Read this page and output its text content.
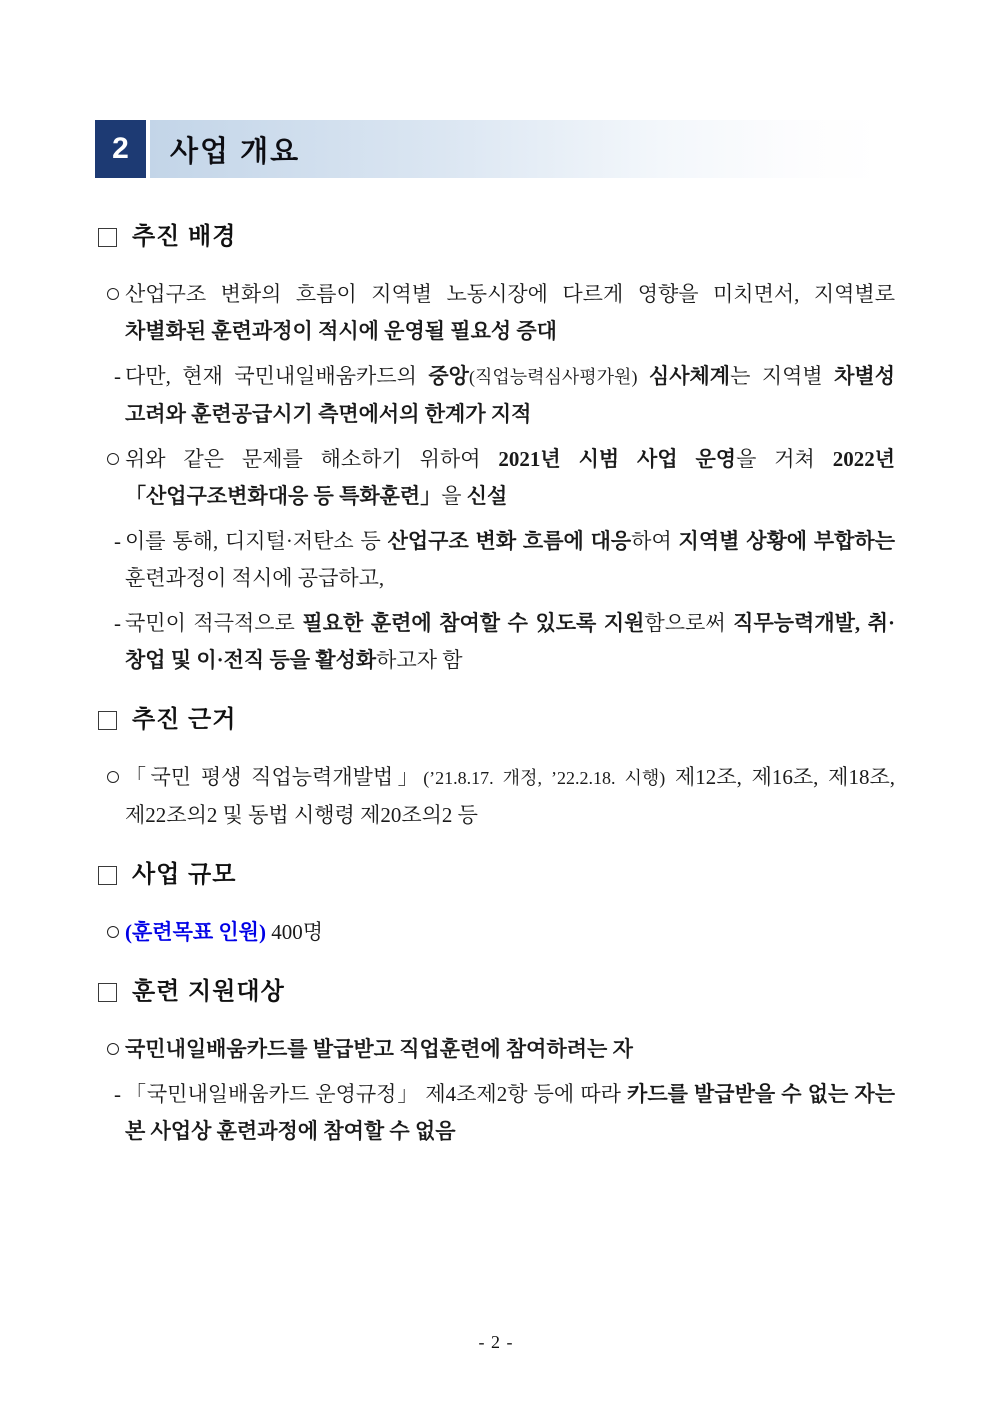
2	사업 개요
추진 배경

산업구조 변화의 흐름이 지역별 노동시장에 다르게 영향을 미치면서, 지역별로 차별화된 훈련과정이 적시에 운영될 필요성 증대

- 다만, 현재 국민내일배움카드의 중앙(직업능력심사평가원) 심사체계는 지역별 차별성 고려와 훈련공급시기 측면에서의 한계가 지적

위와 같은 문제를 해소하기 위하여 2021년 시범 사업 운영을 거쳐 2022년 「산업구조변화대응 등 특화훈련」을 신설

- 이를 통해, 디지털·저탄소 등 산업구조 변화 흐름에 대응하여 지역별 상황에 부합하는 훈련과정이 적시에 공급하고,

- 국민이 적극적으로 필요한 훈련에 참여할 수 있도록 지원함으로써 직무능력개발, 취·창업 및 이·전직 등을 활성화하고자 함

추진 근거

「국민 평생 직업능력개발법」(’21.8.17. 개정, ’22.2.18. 시행) 제12조, 제16조, 제18조, 제22조의2 및 동법 시행령 제20조의2 등

사업 규모

(훈련목표 인원) 400명

훈련 지원대상

국민내일배움카드를 발급받고 직업훈련에 참여하려는 자

- 「국민내일배움카드 운영규정」 제4조제2항 등에 따라 카드를 발급받을 수 없는 자는 본 사업상 훈련과정에 참여할 수 없음

- 2 -
